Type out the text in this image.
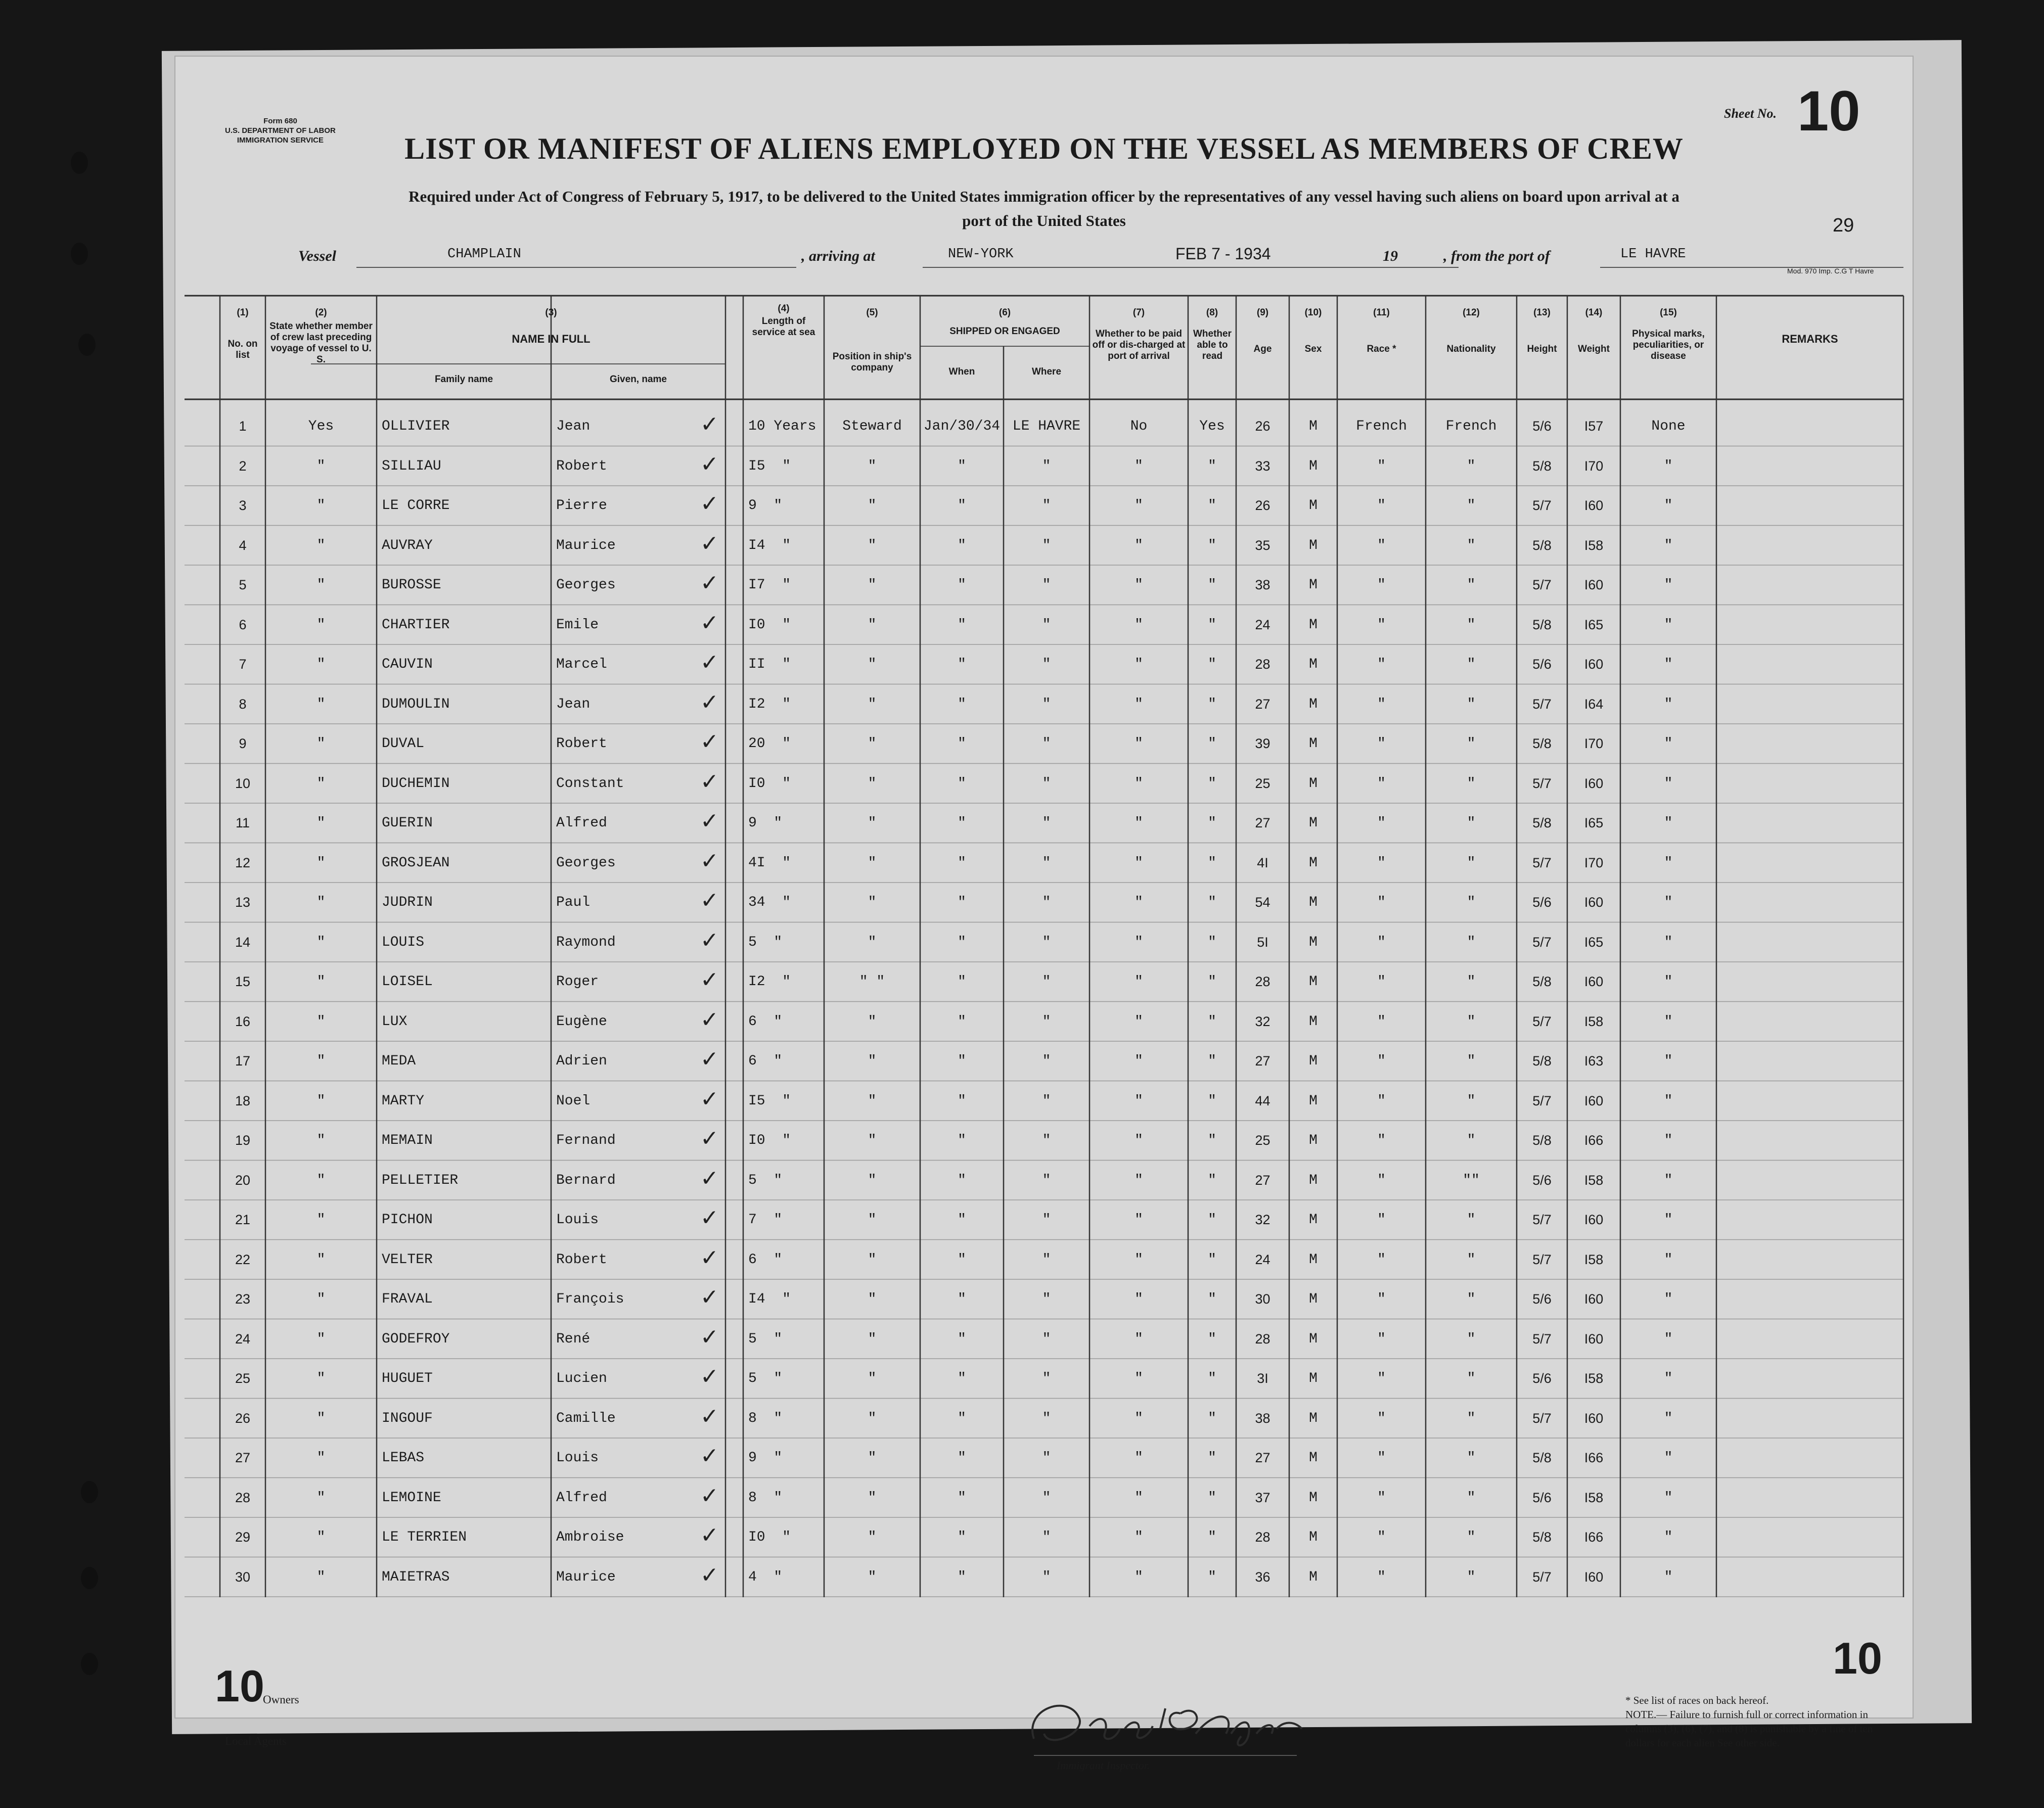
Form 680
U.S. DEPARTMENT OF LABOR
IMMIGRATION SERVICE
Sheet No. 10
LIST OR MANIFEST OF ALIENS EMPLOYED ON THE VESSEL AS MEMBERS OF CREW
Required under Act of Congress of February 5, 1917, to be delivered to the United States immigration officer by the representatives of any vessel having such aliens on board upon arrival at a
port of the United States	29
Vessel	CHAMPLAIN	, arriving at	NEW-YORK	FEB 7 - 1934	19	, from the port of	LE HAVRE
Mod. 970 Imp. C.G T Havre
(1)
No. on list
(2)
State whether member of crew last preceding voyage of vessel to U. S.
(3)
NAME IN FULL
Family name	Given, name
(4)
Length of service at sea
(5)
Position in ship's company
(6)
SHIPPED OR ENGAGED
When	Where
(7)
Whether to be paid off or dis-charged at port of arrival
(8)
Whether able to read
(9)
Age
(10)
Sex
(11)
Race *
(12)
Nationality
(13)
Height
(14)
Weight
(15)
Physical marks, peculiarities, or disease
REMARKS
1	Yes	OLLIVIER	Jean	10 Years	Steward	Jan/30/34 LE HAVRE	No	Yes	26	M	French	French	5/6	I57	None
✓
2	"	SILLIAU	Robert	I5  "	"	"	"	"	"	33	M	"	"	5/8	I70	"
✓
3	"	LE CORRE	Pierre	9  "	"	"	"	"	"	26	M	"	"	5/7	I60	"
✓
4	"	AUVRAY	Maurice	I4  "	"	"	"	"	"	35	M	"	"	5/8	I58	"
✓
5	"	BUROSSE	Georges	I7  "	"	"	"	"	"	38	M	"	"	5/7	I60	"
✓
6	"	CHARTIER	Emile	I0  "	"	"	"	"	"	24	M	"	"	5/8	I65	"
✓
7	"	CAUVIN	Marcel	II  "	"	"	"	"	"	28	M	"	"	5/6	I60	"
✓
8	"	DUMOULIN	Jean	I2  "	"	"	"	"	"	27	M	"	"	5/7	I64	"
✓
9	"	DUVAL	Robert	20  "	"	"	"	"	"	39	M	"	"	5/8	I70	"
✓
10	"	DUCHEMIN	Constant	I0  "	"	"	"	"	"	25	M	"	"	5/7	I60	"
✓
11	"	GUERIN	Alfred	9  "	"	"	"	"	"	27	M	"	"	5/8	I65	"
✓
12	"	GROSJEAN	Georges	4I  "	"	"	"	"	"	4I	M	"	"	5/7	I70	"
✓
13	"	JUDRIN	Paul	34  "	"	"	"	"	"	54	M	"	"	5/6	I60	"
✓
14	"	LOUIS	Raymond	5  "	"	"	"	"	"	5I	M	"	"	5/7	I65	"
✓
15	"	LOISEL	Roger	I2  "	" "	"	"	"	"	28	M	"	"	5/8	I60	"
✓
16	"	LUX	Eugène	6  "	"	"	"	"	"	32	M	"	"	5/7	I58	"
✓
17	"	MEDA	Adrien	6  "	"	"	"	"	"	27	M	"	"	5/8	I63	"
✓
18	"	MARTY	Noel	I5  "	"	"	"	"	"	44	M	"	"	5/7	I60	"
✓
19	"	MEMAIN	Fernand	I0  "	"	"	"	"	"	25	M	"	"	5/8	I66	"
✓
20	"	PELLETIER	Bernard	5  "	"	"	"	"	"	27	M	"	""	5/6	I58	"
✓
21	"	PICHON	Louis	7  "	"	"	"	"	"	32	M	"	"	5/7	I60	"
✓
22	"	VELTER	Robert	6  "	"	"	"	"	"	24	M	"	"	5/7	I58	"
✓
23	"	FRAVAL	François	I4  "	"	"	"	"	"	30	M	"	"	5/6	I60	"
✓
24	"	GODEFROY	René	5  "	"	"	"	"	"	28	M	"	"	5/7	I60	"
✓
25	"	HUGUET	Lucien	5  "	"	"	"	"	"	3I	M	"	"	5/6	I58	"
✓
26	"	INGOUF	Camille	8  "	"	"	"	"	"	38	M	"	"	5/7	I60	"
✓
27	"	LEBAS	Louis	9  "	"	"	"	"	"	27	M	"	"	5/8	I66	"
✓
28	"	LEMOINE	Alfred	8  "	"	"	"	"	"	37	M	"	"	5/6	I58	"
✓
29	"	LE TERRIEN	Ambroise	I0  "	"	"	"	"	"	28	M	"	"	5/8	I66	"
✓
30	"	MAIETRAS	Maurice	4  "	"	"	"	"	"	36	M	"	"	5/7	I60	"
✓
10
10
Owners
Local Agents
Immigrant Inspector.
* See list of races on back hereof.
NOTE.— Failure to furnish full or correct information in columns (3), (6), (7), and (8) is punishable by a fine of ten dollars for each alien See other side.
